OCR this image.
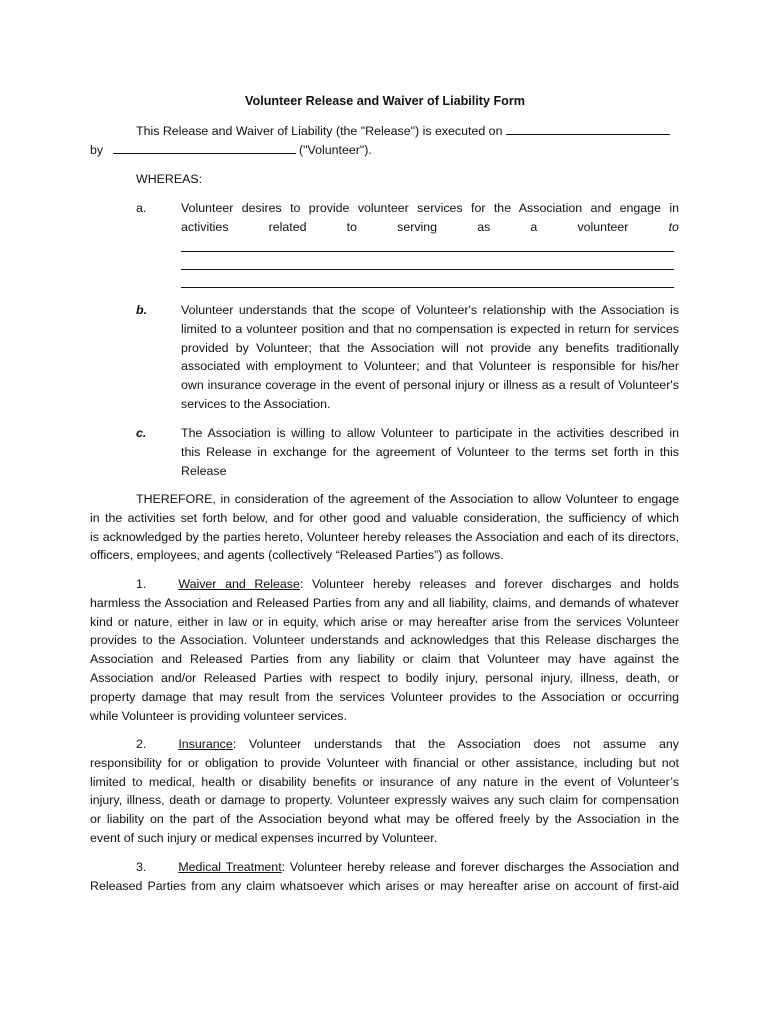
Volunteer Release and Waiver of Liability Form
This Release and Waiver of Liability (the "Release") is executed on
by	("Volunteer").
WHEREAS:
a.	Volunteer desires to provide volunteer services for the Association and engage in
activities	related	to	serving	as	a	volunteer	to
b.	Volunteer understands that the scope of Volunteer's relationship with the Association is

limited to a volunteer position and that no compensation is expected in return for services

provided by Volunteer; that the Association will not provide any benefits traditionally

associated with employment to Volunteer; and that Volunteer is responsible for his/her

own insurance coverage in the event of personal injury or illness as a result of Volunteer's

services to the Association.

c.	The Association is willing to allow Volunteer to participate in the activities described in

this Release in exchange for the agreement of Volunteer to the terms set forth in this

Release

THEREFORE, in consideration of the agreement of the Association to allow Volunteer to engage

in the activities set forth below, and for other good and valuable consideration, the sufficiency of which

is acknowledged by the parties hereto, Volunteer hereby releases the Association and each of its directors,

officers, employees, and agents (collectively “Released Parties”) as follows.

1.	Waiver and Release: Volunteer hereby releases and forever discharges and holds

harmless the Association and Released Parties from any and all liability, claims, and demands of whatever

kind or nature, either in law or in equity, which arise or may hereafter arise from the services Volunteer

provides to the Association. Volunteer understands and acknowledges that this Release discharges the

Association and Released Parties from any liability or claim that Volunteer may have against the

Association and/or Released Parties with respect to bodily injury, personal injury, illness, death, or

property damage that may result from the services Volunteer provides to the Association or occurring

while Volunteer is providing volunteer services.

2.	Insurance: Volunteer understands that the Association does not assume any

responsibility for or obligation to provide Volunteer with financial or other assistance, including but not

limited to medical, health or disability benefits or insurance of any nature in the event of Volunteer’s

injury, illness, death or damage to property. Volunteer expressly waives any such claim for compensation

or liability on the part of the Association beyond what may be offered freely by the Association in the

event of such injury or medical expenses incurred by Volunteer.

3.	Medical Treatment: Volunteer hereby release and forever discharges the Association and

Released Parties from any claim whatsoever which arises or may hereafter arise on account of first-aid
